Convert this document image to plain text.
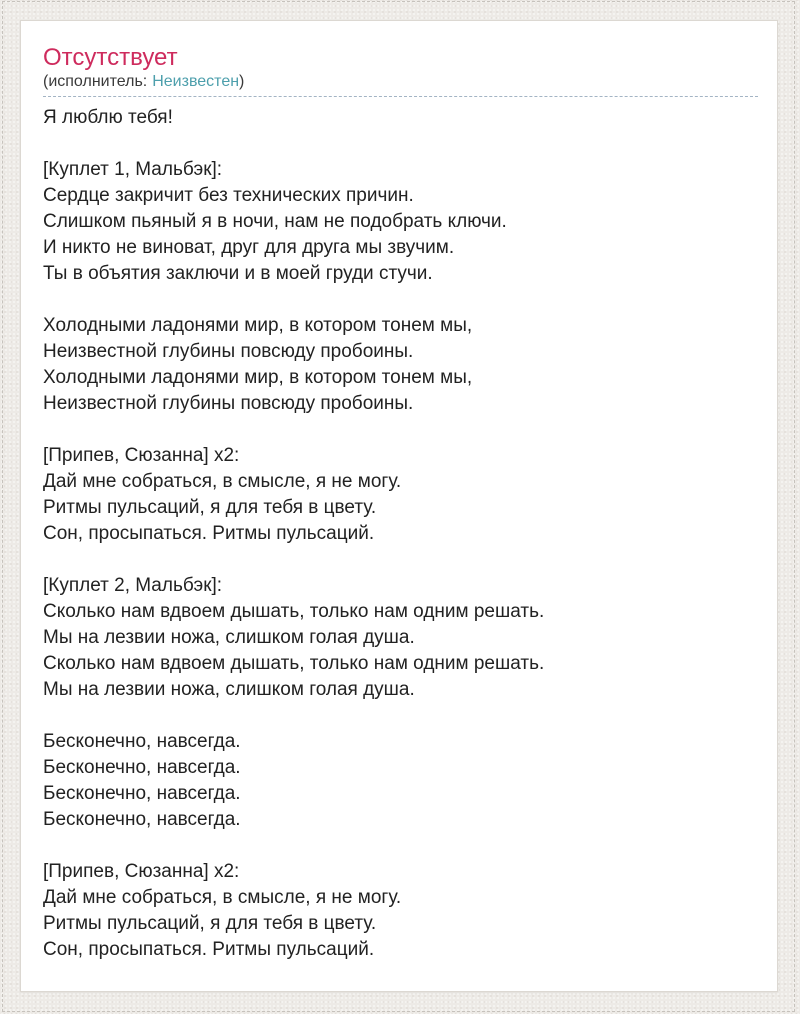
Отсутствует
(исполнитель: Неизвестен)
Я люблю тебя!

[Куплет 1, Мальбэк]:
Сердце закричит без технических причин.
Слишком пьяный я в ночи, нам не подобрать ключи.
И никто не виноват, друг для друга мы звучим.
Ты в объятия заключи и в моей груди стучи.

Холодными ладонями мир, в котором тонем мы,
Неизвестной глубины повсюду пробоины.
Холодными ладонями мир, в котором тонем мы,
Неизвестной глубины повсюду пробоины.

[Припев, Сюзанна] x2:
Дай мне собраться, в смысле, я не могу.
Ритмы пульсаций, я для тебя в цвету.
Сон, просыпаться. Ритмы пульсаций.

[Куплет 2, Мальбэк]:
Сколько нам вдвоем дышать, только нам одним решать.
Мы на лезвии ножа, слишком голая душа.
Сколько нам вдвоем дышать, только нам одним решать.
Мы на лезвии ножа, слишком голая душа.

Бесконечно, навсегда.
Бесконечно, навсегда.
Бесконечно, навсегда.
Бесконечно, навсегда.

[Припев, Сюзанна] x2:
Дай мне собраться, в смысле, я не могу.
Ритмы пульсаций, я для тебя в цвету.
Сон, просыпаться. Ритмы пульсаций.
